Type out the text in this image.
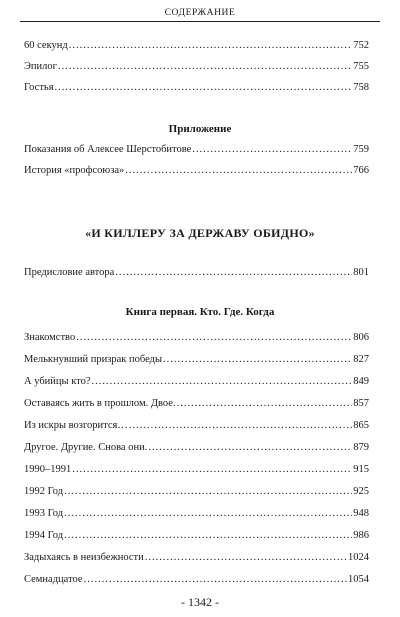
СОДЕРЖАНИЕ
60 секунд .....	752
Эпилог .....	755
Гостья .....	758
Приложение
Показания об Алексее Шерстобитове .....	759
История «профсоюза» .....	766
«И КИЛЛЕРУ ЗА ДЕРЖАВУ ОБИДНО»
Предисловие автора .....	801
Книга первая. Кто. Где. Когда
Знакомство .....	806
Мелькнувший призрак победы .....	827
А убийцы кто? .....	849
Оставаясь жить в прошлом. Двое. .....	857
Из искры возгорится… .....	865
Другое. Другие. Снова они. .....	879
1990–1991 .....	915
1992 Год .....	925
1993 Год .....	948
1994 Год .....	986
Задыхаясь в неизбежности .....	1024
Семнадцатое .....	1054
- 1342 -
